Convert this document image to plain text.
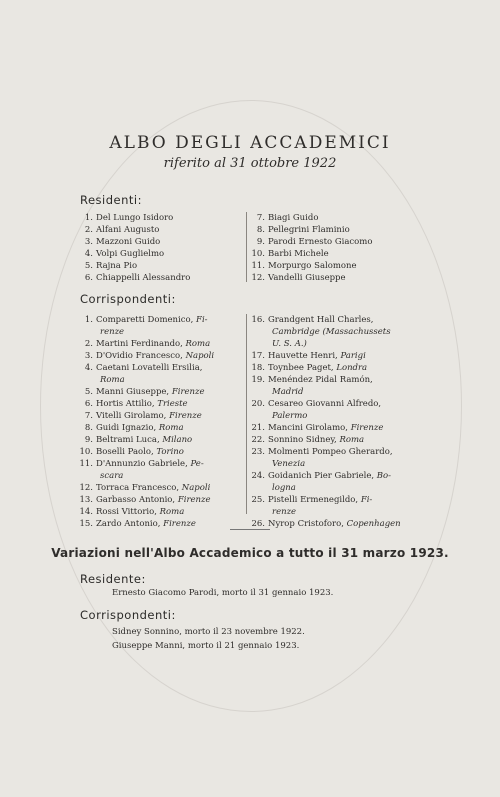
ALBO DEGLI ACCADEMICI
riferito al 31 ottobre 1922
Residenti:
1. Del Lungo Isidoro
2. Alfani Augusto
3. Mazzoni Guido
4. Volpi Guglielmo
5. Rajna Pio
6. Chiappelli Alessandro
7. Biagi Guido
8. Pellegrini Flaminio
9. Parodi Ernesto Giacomo
10. Barbi Michele
11. Morpurgo Salomone
12. Vandelli Giuseppe
Corrispondenti:
1. Comparetti Domenico, Fi-
renze
2. Martini Ferdinando, Roma
3. D'Ovidio Francesco, Napoli
4. Caetani Lovatelli Ersilia,
Roma
5. Manni Giuseppe, Firenze
6. Hortis Attilio, Trieste
7. Vitelli Girolamo, Firenze
8. Guidi Ignazio, Roma
9. Beltrami Luca, Milano
10. Boselli Paolo, Torino
11. D'Annunzio Gabriele, Pe-
scara
12. Torraca Francesco, Napoli
13. Garbasso Antonio, Firenze
14. Rossi Vittorio, Roma
15. Zardo Antonio, Firenze
16. Grandgent Hall Charles,
Cambridge (Massachussets
U. S. A.)
17. Hauvette Henri, Parigi
18. Toynbee Paget, Londra
19. Menéndez Pidal Ramón,
Madrid
20. Cesareo Giovanni Alfredo,
Palermo
21. Mancini Girolamo, Firenze
22. Sonnino Sidney, Roma
23. Molmenti Pompeo Gherardo,
Venezia
24. Goidanich Pier Gabriele, Bo-
logna
25. Pistelli Ermenegildo, Fi-
renze
26. Nyrop Cristoforo, Copenhagen
Variazioni nell'Albo Accademico a tutto il 31 marzo 1923.
Residente:
Ernesto Giacomo Parodi, morto il 31 gennaio 1923.
Corrispondenti:
Sidney Sonnino, morto il 23 novembre 1922.
Giuseppe Manni, morto il 21 gennaio 1923.
